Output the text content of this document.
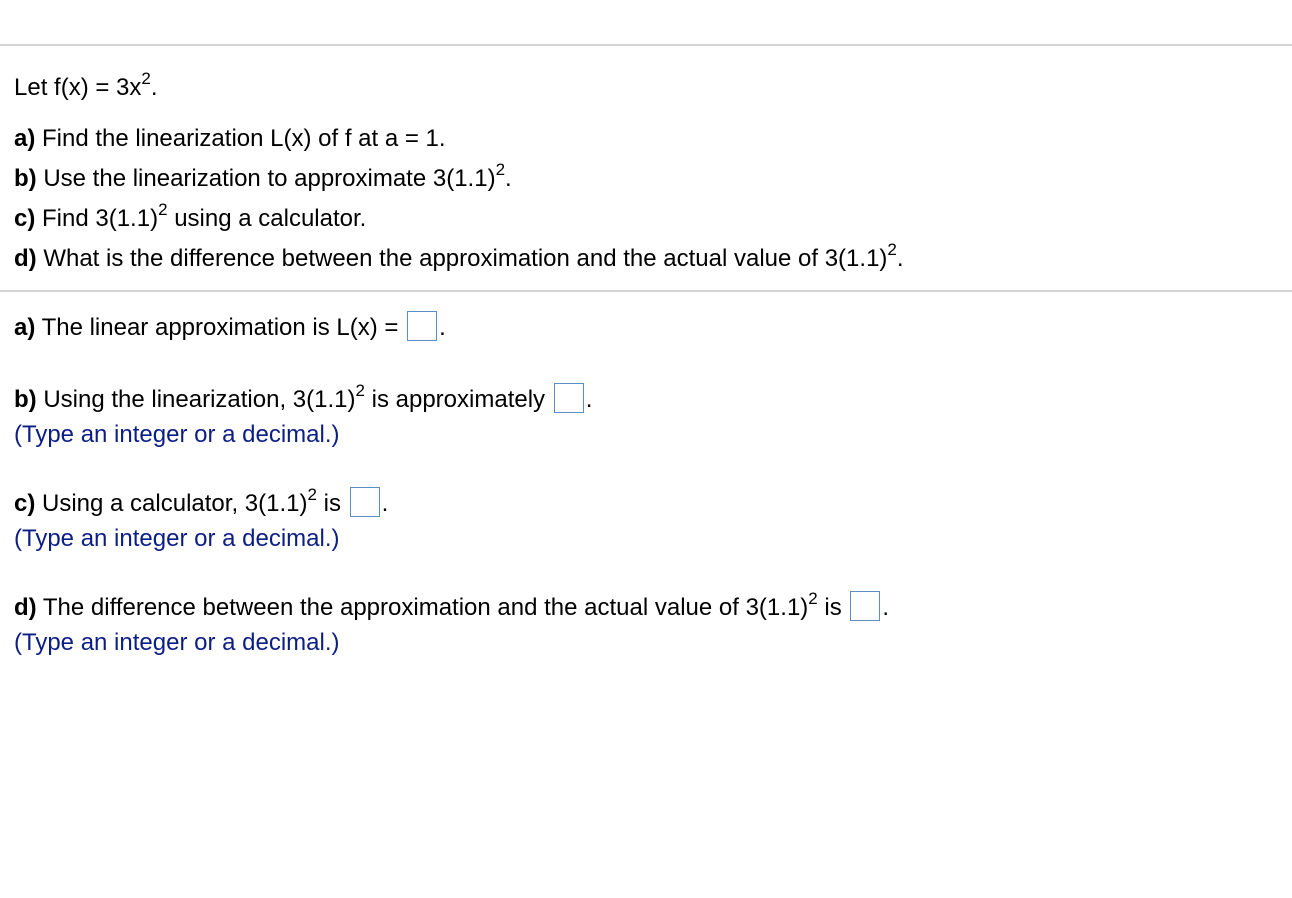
Let $f(x) = 3x^2$.
a) Find the linearization L(x) of f at a = 1.
b) Use the linearization to approximate $3(1.1)^2$.
c) Find $3(1.1)^2$ using a calculator.
d) What is the difference between the approximation and the actual value of $3(1.1)^2$.
a) The linear approximation is L(x) = .
b) Using the linearization, $3(1.1)^2$ is approximately .
(Type an integer or a decimal.)
c) Using a calculator, $3(1.1)^2$ is .
(Type an integer or a decimal.)
d) The difference between the approximation and the actual value of $3(1.1)^2$ is .
(Type an integer or a decimal.)
